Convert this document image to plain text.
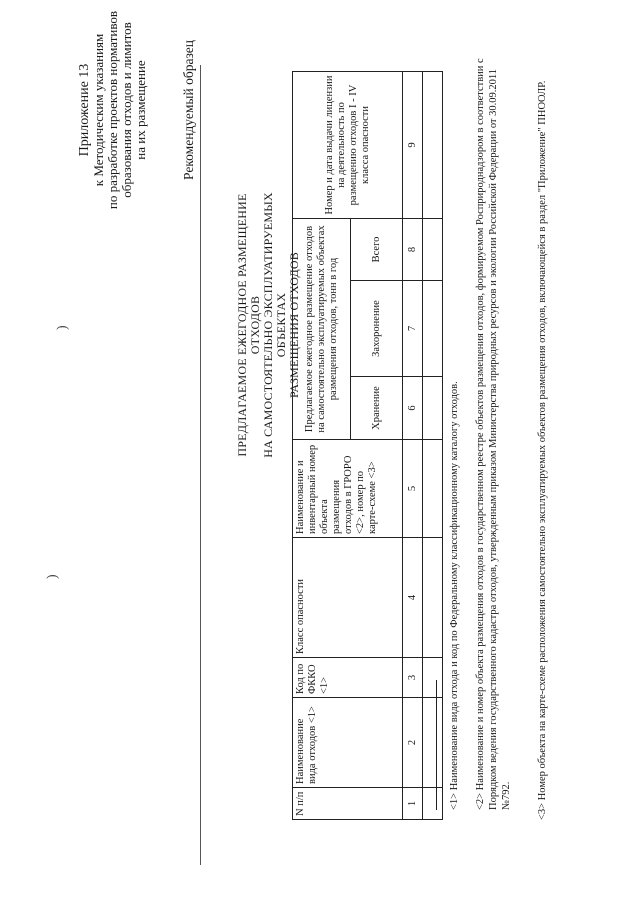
Приложение 13 к Методическим указаниям по разработке проектов нормативов образования отходов и лимитов на их размещение Рекомендуемый образец
)
)
ПРЕДЛАГАЕМОЕ ЕЖЕГОДНОЕ РАЗМЕЩЕНИЕ ОТХОДОВ НА САМОСТОЯТЕЛЬНО ЭКСПЛУАТИРУЕМЫХ ОБЪЕКТАХ РАЗМЕЩЕНИЯ ОТХОДОВ
N п/п	Наименование вида отходов <1>	Код по ФККО <1>	Класс опасности	Наименование и инвентарный номер объекта размещения отходов в ГРОРО <2>, номер по карте-схеме <3>	Предлагаемое ежегодное размещение отходов на самостоятельно эксплуатируемых объектах размещения отходов, тонн в год			Номер и дата выдачи лицензии на деятельность по размещению отходов I - IV класса опасности
					Хранение	Захоронение	Всего	
1	2	3	4	5	6	7	8	9

<1> Наименование вида отхода и код по Федеральному классификационному каталогу отходов. <2> Наименование и номер объекта размещения отходов в государственном реестре объектов размещения отходов, формируемом Росприроднадзором в соответствии с Порядком ведения государственного кадастра отходов, утвержденным приказом Министерства природных ресурсов и экологии Российской Федерации от 30.09.2011 №792. <3> Номер объекта на карте-схеме расположения самостоятельно эксплуатируемых объектов размещения отходов, включающейся в раздел "Приложение" ПНООЛР.
